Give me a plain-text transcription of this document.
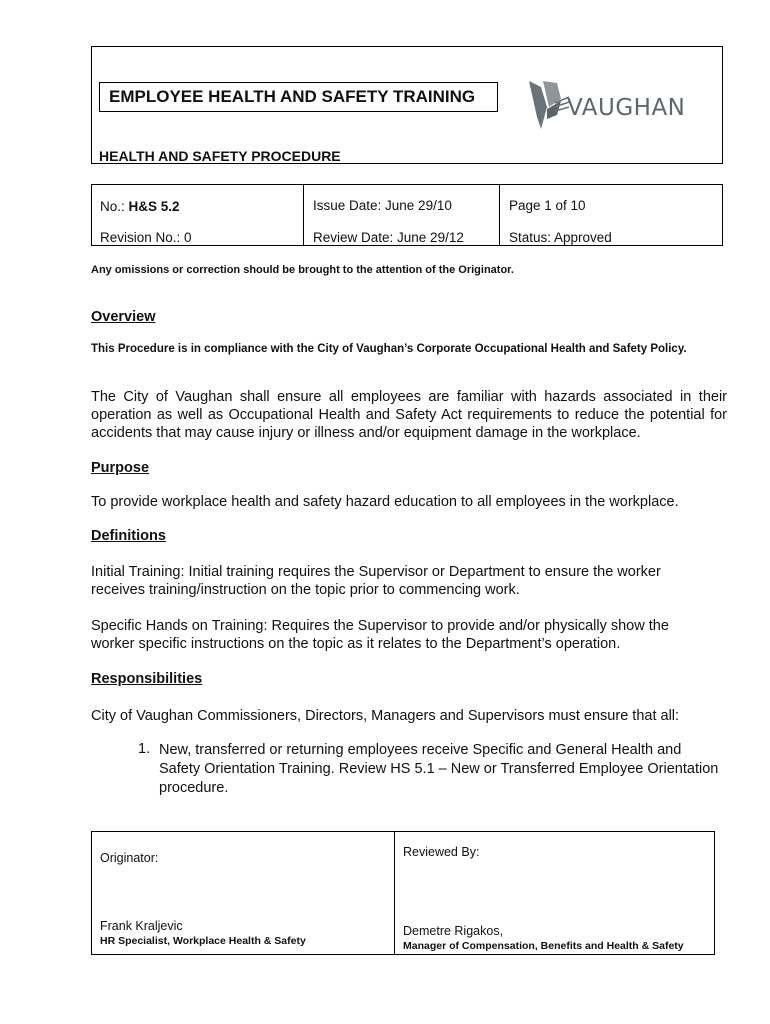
EMPLOYEE HEALTH AND SAFETY TRAINING	VAUGHAN
HEALTH AND SAFETY PROCEDURE
No.: H&S 5.2
Revision No.: 0
Issue Date: June 29/10
Review Date: June 29/12
Page 1 of 10
Status: Approved
Any omissions or correction should be brought to the attention of the Originator.
Overview
This Procedure is in compliance with the City of Vaughan’s Corporate Occupational Health and Safety Policy.
The City of Vaughan shall ensure all employees are familiar with hazards associated in their operation as well as Occupational Health and Safety Act requirements to reduce the potential for accidents that may cause injury or illness and/or equipment damage in the workplace.
Purpose
To provide workplace health and safety hazard education to all employees in the workplace.
Definitions
Initial Training: Initial training requires the Supervisor or Department to ensure the worker receives training/instruction on the topic prior to commencing work.
Specific Hands on Training: Requires the Supervisor to provide and/or physically show the worker specific instructions on the topic as it relates to the Department’s operation.
Responsibilities
City of Vaughan Commissioners, Directors, Managers and Supervisors must ensure that all:
1. New, transferred or returning employees receive Specific and General Health and Safety Orientation Training. Review HS 5.1 – New or Transferred Employee Orientation procedure.
Originator:
Frank Kraljevic
HR Specialist, Workplace Health & Safety
Reviewed By:
Demetre Rigakos,
Manager of Compensation, Benefits and Health & Safety
